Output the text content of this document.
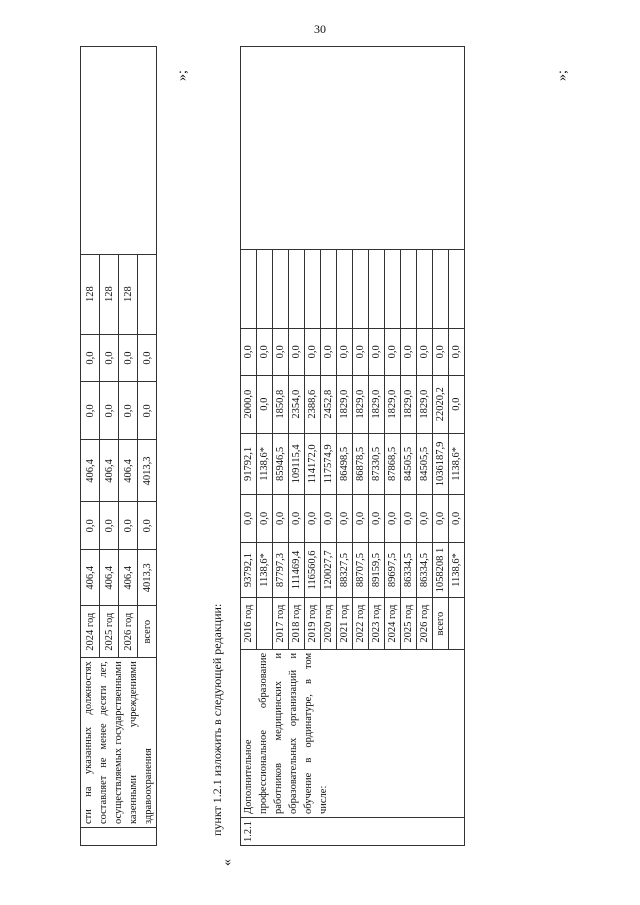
30
	сти на указанных должностях составляет не менее десяти лет, осуществляемых государственными казенными учреждениями здравоохранения	2024 год	406,4	0,0	406,4	0,0	0,0	128	
		2025 год	406,4	0,0	406,4	0,0	0,0	128	
		2026 год	406,4	0,0	406,4	0,0	0,0	128	
		всего	4013,3	0,0	4013,3	0,0	0,0		
»;
пункт 1.2.1 изложить в следующей редакции:
«
1.2.1	Дополнительное профессиональное образование работников медицинских и образовательных организаций и обучение в ординатуре, в том числе:	2016 год	93792,1	0,0	91792,1	2000,0	0,0		
			1138,6*	0,0	1138,6*	0,0	0,0		
		2017 год	87797,3	0,0	85946,5	1850,8	0,0		
		2018 год	111469,4	0,0	109115,4	2354,0	0,0		
		2019 год	116560,6	0,0	114172,0	2388,6	0,0		
		2020 год	120027,7	0,0	117574,9	2452,8	0,0		
		2021 год	88327,5	0,0	86498,5	1829,0	0,0		
		2022 год	88707,5	0,0	86878,5	1829,0	0,0		
		2023 год	89159,5	0,0	87330,5	1829,0	0,0		
		2024 год	89697,5	0,0	87868,5	1829,0	0,0		
		2025 год	86334,5	0,0	84505,5	1829,0	0,0		
		2026 год	86334,5	0,0	84505,5	1829,0	0,0		
		всего	1058208 1	0,0	1036187,9	22020,2	0,0		
			1138,6*	0,0	1138,6*	0,0	0,0		
»;
